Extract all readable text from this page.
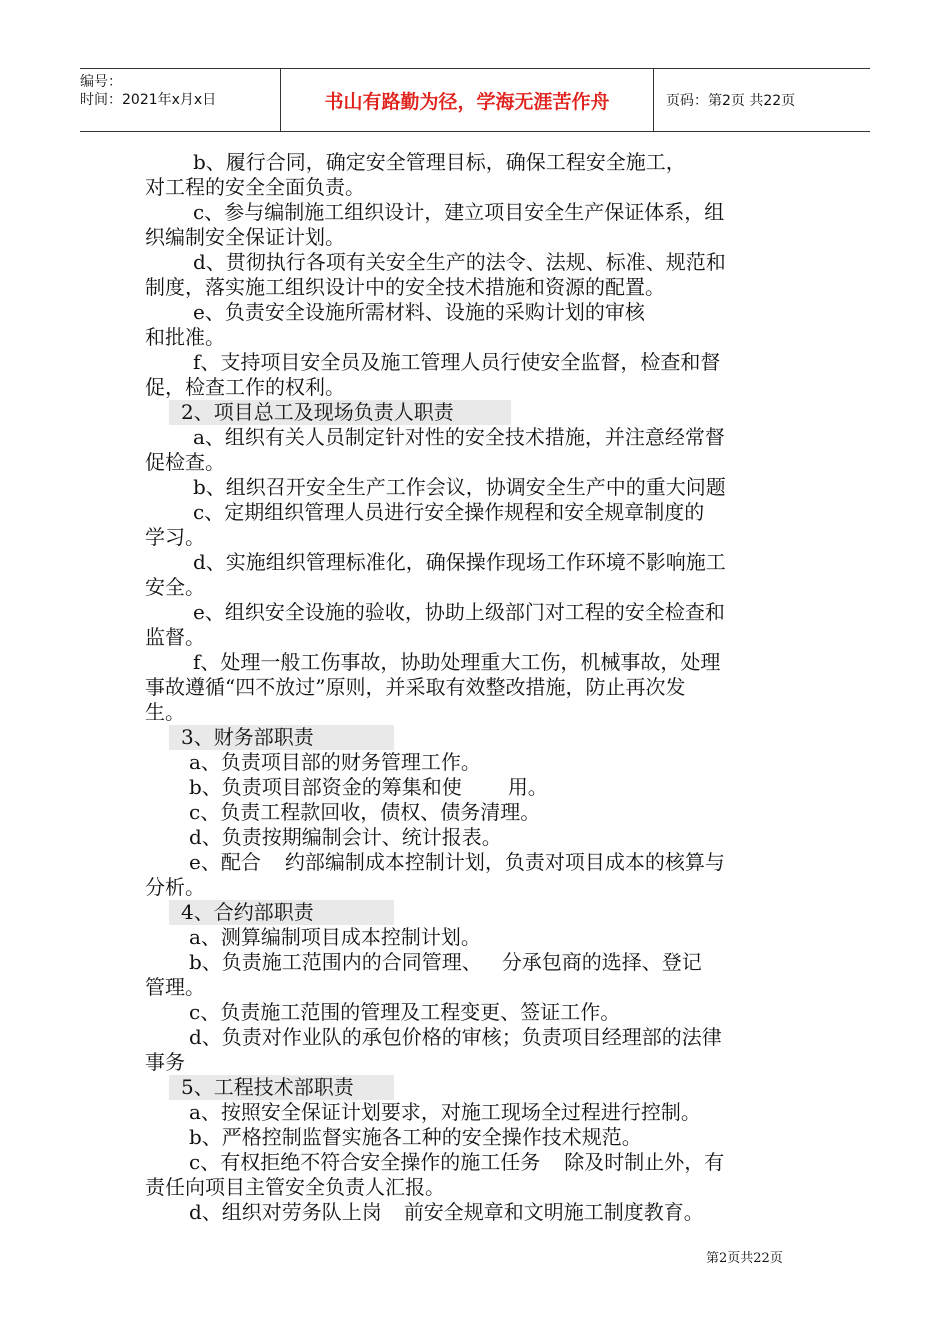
编号：
时间：2021年x月x日	书山有路勤为径，学海无涯苦作舟	页码：第2页 共22页
b、履行合同，确定安全管理目标，确保工程安全施工，
对工程的安全全面负责。
c、参与编制施工组织设计，建立项目安全生产保证体系，组
织编制安全保证计划。
d、贯彻执行各项有关安全生产的法令、法规、标准、规范和
制度，落实施工组织设计中的安全技术措施和资源的配置。
e、负责安全设施所需材料、设施的采购计划的审核
和批准。
f、支持项目安全员及施工管理人员行使安全监督，检查和督
促，检查工作的权利。
2、项目总工及现场负责人职责
a、组织有关人员制定针对性的安全技术措施，并注意经常督
促检查。
b、组织召开安全生产工作会议，协调安全生产中的重大问题
c、定期组织管理人员进行安全操作规程和安全规章制度的
学习。
d、实施组织管理标准化，确保操作现场工作环境不影响施工
安全。
e、组织安全设施的验收，协助上级部门对工程的安全检查和
监督。
f、处理一般工伤事故，协助处理重大工伤，机械事故，处理
事故遵循“四不放过”原则，并采取有效整改措施，防止再次发
生。
3、财务部职责
a、负责项目部的财务管理工作。
b、负责项目部资金的筹集和使 用。
c、负责工程款回收，债权、债务清理。
d、负责按期编制会计、统计报表。
e、配合 约部编制成本控制计划，负责对项目成本的核算与
分析。
4、合约部职责
a、测算编制项目成本控制计划。
b、负责施工范围内的合同管理、 分承包商的选择、登记
管理。
c、负责施工范围的管理及工程变更、签证工作。
d、负责对作业队的承包价格的审核；负责项目经理部的法律
事务
5、工程技术部职责
a、按照安全保证计划要求，对施工现场全过程进行控制。
b、严格控制监督实施各工种的安全操作技术规范。
c、有权拒绝不符合安全操作的施工任务 除及时制止外，有
责任向项目主管安全负责人汇报。
d、组织对劳务队上岗 前安全规章和文明施工制度教育。
第2页共22页
